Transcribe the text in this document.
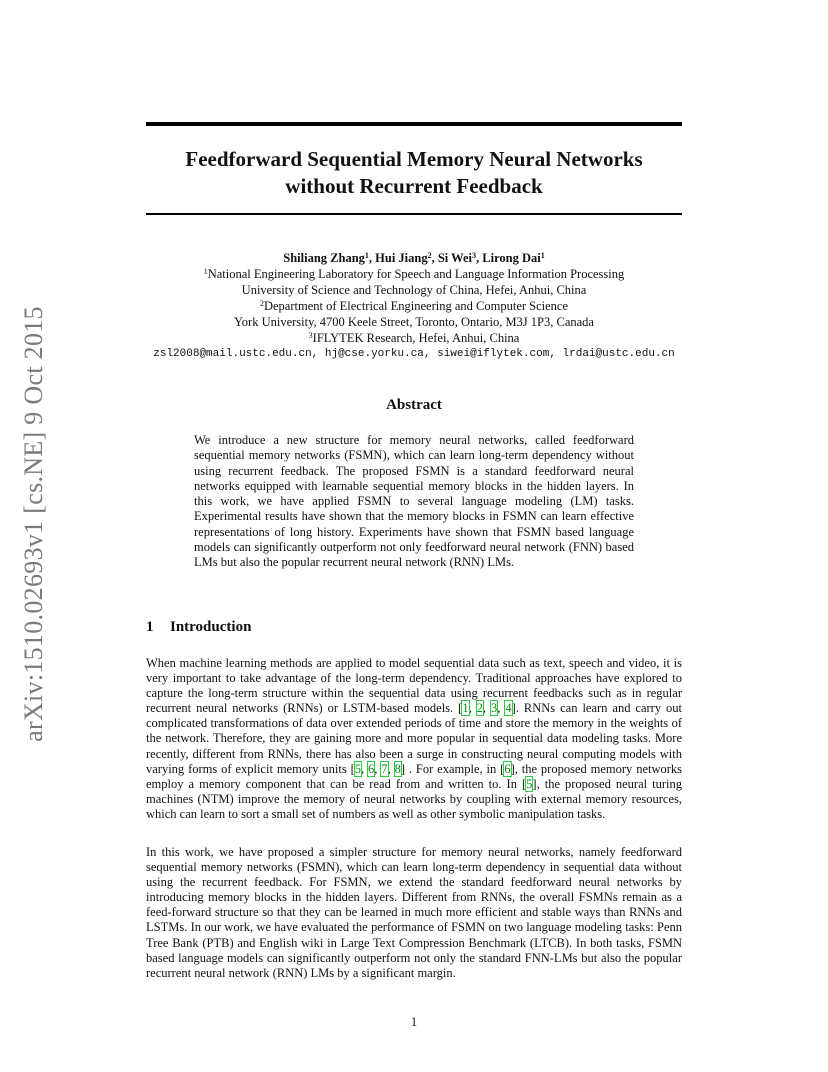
arXiv:1510.02693v1 [cs.NE] 9 Oct 2015
Feedforward Sequential Memory Neural Networks
without Recurrent Feedback
Shiliang Zhang$^1$, Hui Jiang$^2$, Si Wei$^3$, Lirong Dai$^1$
$^1$National Engineering Laboratory for Speech and Language Information Processing
University of Science and Technology of China, Hefei, Anhui, China
$^2$Department of Electrical Engineering and Computer Science
York University, 4700 Keele Street, Toronto, Ontario, M3J 1P3, Canada
$^3$IFLYTEK Research, Hefei, Anhui, China
zsl2008@mail.ustc.edu.cn, hj@cse.yorku.ca, siwei@iflytek.com, lrdai@ustc.edu.cn
Abstract
We introduce a new structure for memory neural networks, called feedforward sequential memory networks (FSMN), which can learn long-term dependency without using recurrent feedback. The proposed FSMN is a standard feedforward neural networks equipped with learnable sequential memory blocks in the hidden layers. In this work, we have applied FSMN to several language modeling (LM) tasks. Experimental results have shown that the memory blocks in FSMN can learn effective representations of long history. Experiments have shown that FSMN based language models can significantly outperform not only feedforward neural network (FNN) based LMs but also the popular recurrent neural network (RNN) LMs.
1 Introduction
When machine learning methods are applied to model sequential data such as text, speech and video, it is very important to take advantage of the long-term dependency. Traditional approaches have explored to capture the long-term structure within the sequential data using recurrent feedbacks such as in regular recurrent neural networks (RNNs) or LSTM-based models. [1, 2, 3, 4]. RNNs can learn and carry out complicated transformations of data over extended periods of time and store the memory in the weights of the network. Therefore, they are gaining more and more popular in sequential data modeling tasks. More recently, different from RNNs, there has also been a surge in constructing neural computing models with varying forms of explicit memory units [5, 6, 7, 8] . For example, in [6], the proposed memory networks employ a memory component that can be read from and written to. In [5], the proposed neural turing machines (NTM) improve the memory of neural networks by coupling with external memory resources, which can learn to sort a small set of numbers as well as other symbolic manipulation tasks.
In this work, we have proposed a simpler structure for memory neural networks, namely feedforward sequential memory networks (FSMN), which can learn long-term dependency in sequential data without using the recurrent feedback. For FSMN, we extend the standard feedforward neural networks by introducing memory blocks in the hidden layers. Different from RNNs, the overall FSMNs remain as a feed-forward structure so that they can be learned in much more efficient and stable ways than RNNs and LSTMs. In our work, we have evaluated the performance of FSMN on two language modeling tasks: Penn Tree Bank (PTB) and English wiki in Large Text Compression Benchmark (LTCB). In both tasks, FSMN based language models can significantly outperform not only the standard FNN-LMs but also the popular recurrent neural network (RNN) LMs by a significant margin.
1
